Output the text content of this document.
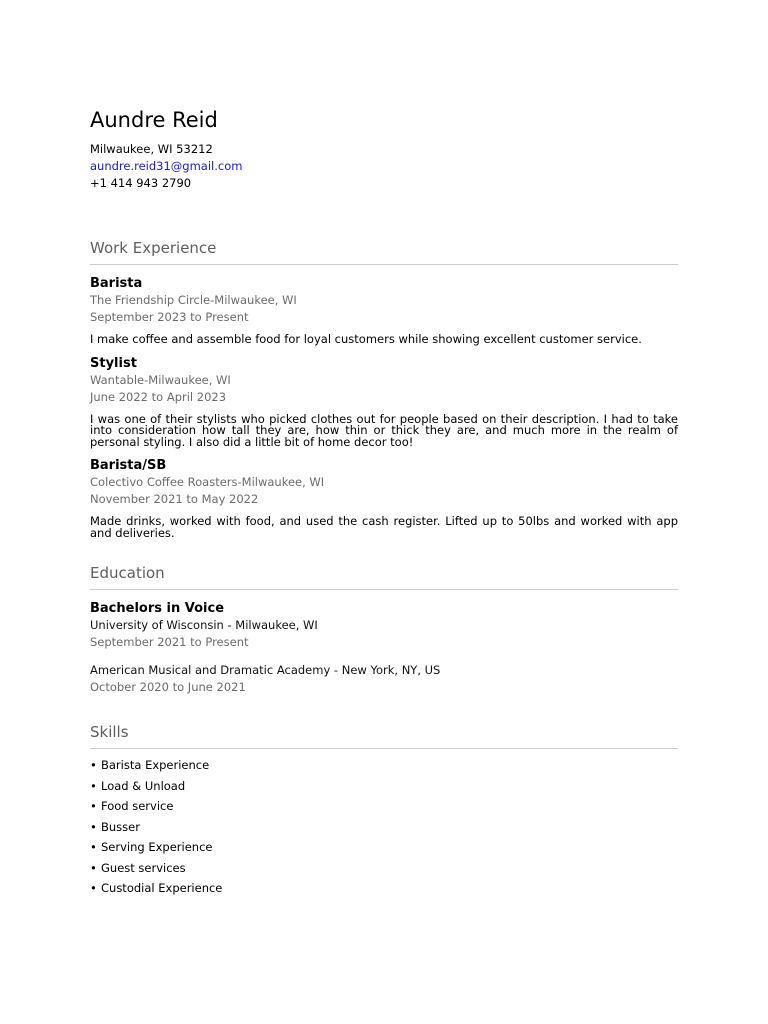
Aundre Reid
Milwaukee, WI 53212
aundre.reid31@gmail.com
+1 414 943 2790
Work Experience
Barista
The Friendship Circle-Milwaukee, WI
September 2023 to Present
I make coffee and assemble food for loyal customers while showing excellent customer service.
Stylist
Wantable-Milwaukee, WI
June 2022 to April 2023
I was one of their stylists who picked clothes out for people based on their description. I had to take into consideration how tall they are, how thin or thick they are, and much more in the realm of personal styling. I also did a little bit of home decor too!
Barista/SB
Colectivo Coffee Roasters-Milwaukee, WI
November 2021 to May 2022
Made drinks, worked with food, and used the cash register. Lifted up to 50lbs and worked with app and deliveries.
Education
Bachelors in Voice
University of Wisconsin - Milwaukee, WI
September 2021 to Present
American Musical and Dramatic Academy - New York, NY, US
October 2020 to June 2021
Skills
• Barista Experience
• Load & Unload
• Food service
• Busser
• Serving Experience
• Guest services
• Custodial Experience
